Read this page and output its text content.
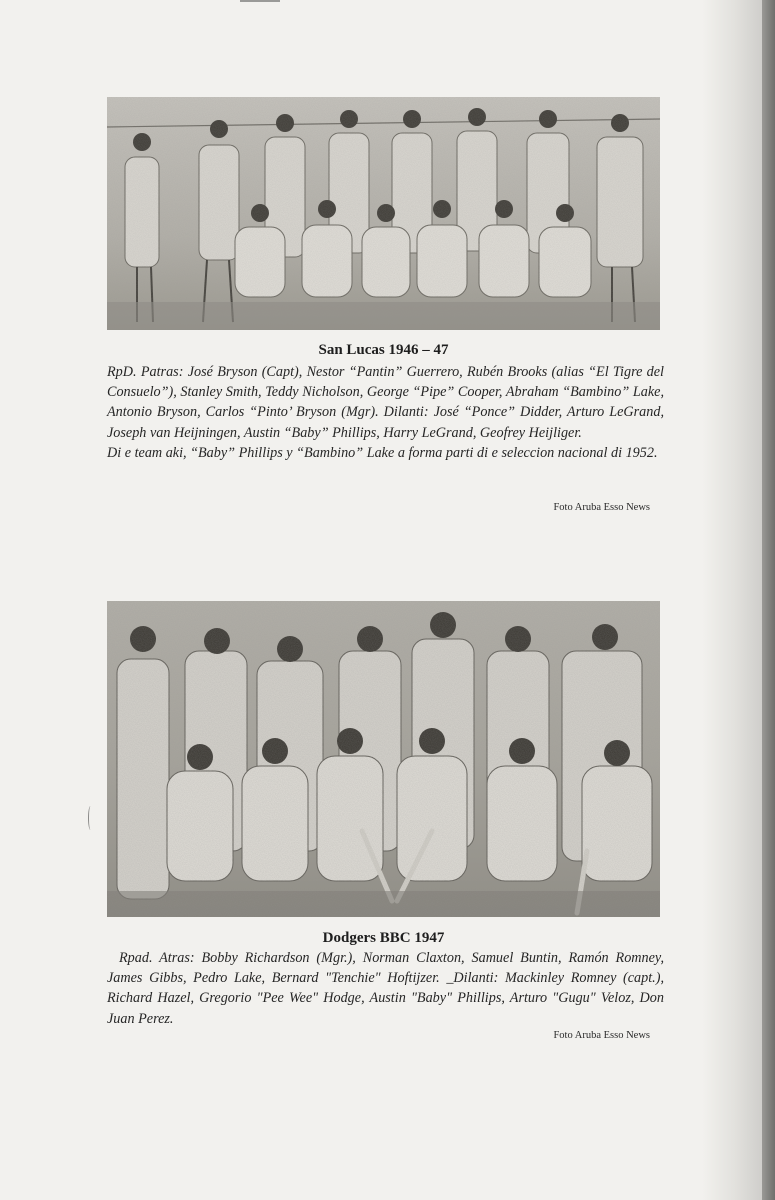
San Lucas 1946 – 47

RpD. Patras: José Bryson (Capt), Nestor “Pantin” Guerrero, Rubén Brooks (alias “El Tigre del Consuelo”), Stanley Smith, Teddy Nicholson, George “Pipe” Cooper, Abraham “Bambino” Lake, Antonio Bryson, Carlos “Pinto’ Bryson (Mgr). Dilanti: José “Ponce” Didder, Arturo LeGrand, Joseph van Heijningen, Austin “Baby” Phillips, Harry LeGrand, Geofrey Heijliger.

Di e team aki, “Baby” Phillips y “Bambino” Lake a forma parti di e seleccion nacional di 1952.

Foto Aruba Esso News
Dodgers BBC 1947
Rpad. Atras: Bobby Richardson (Mgr.), Norman Claxton, Samuel Buntin, Ramón Romney, James Gibbs, Pedro Lake, Bernard "Tenchie" Hoftijzer. _Dilanti: Mackinley Romney (capt.), Richard Hazel, Gregorio "Pee Wee" Hodge, Austin "Baby" Phillips, Arturo "Gugu" Veloz, Don Juan Perez.
Foto Aruba Esso News
